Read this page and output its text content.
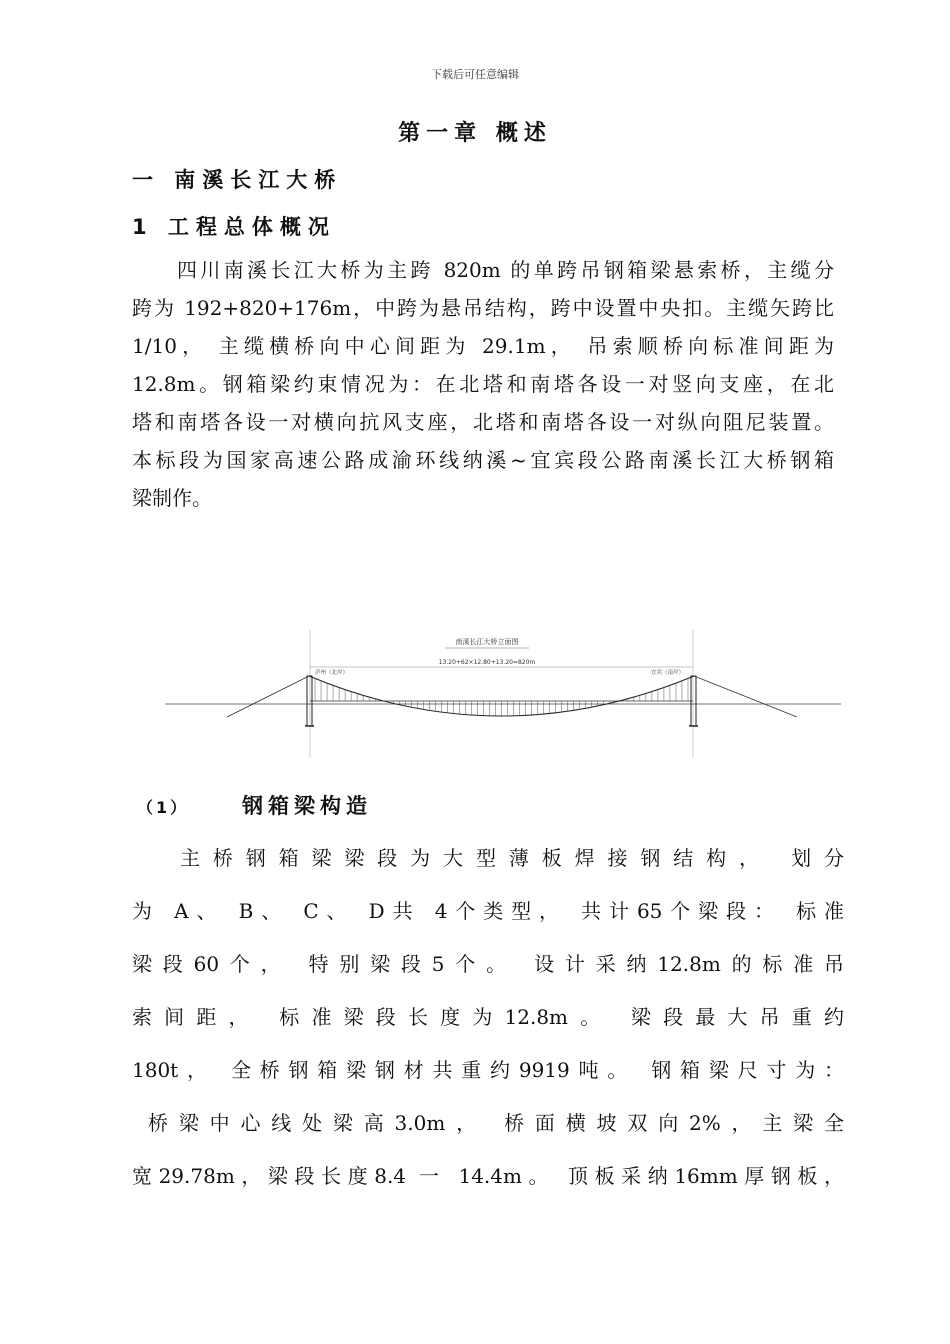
下载后可任意编辑
第一章 概述
一 南溪长江大桥
1 工程总体概况
四川南溪长江大桥为主跨 820m 的单跨吊钢箱梁悬索桥，主缆分
跨为 192+820+176m，中跨为悬吊结构，跨中设置中央扣。主缆矢跨比
1/10， 主缆横桥向中心间距为 29.1m， 吊索顺桥向标准间距为
12.8m。钢箱梁约束情况为：在北塔和南塔各设一对竖向支座，在北
塔和南塔各设一对横向抗风支座，北塔和南塔各设一对纵向阻尼装置。
本标段为国家高速公路成渝环线纳溪~宜宾段公路南溪长江大桥钢箱
梁制作。
南溪长江大桥立面图
13.20+62×12.80+13.20=820m
泸州（北岸）	宜宾（南岸）
（1）	钢箱梁构造
主桥钢箱梁梁段为大型薄板焊接钢结构， 划分
为 A、 B、 C、 D共 4个类型， 共计65个梁段： 标准
梁段60个， 特别梁段5个。 设计采纳12.8m的标准吊
索间距， 标准梁段长度为12.8m。 梁段最大吊重约
180t， 全桥钢箱梁钢材共重约9919吨。 钢箱梁尺寸为：
桥梁中心线处梁高3.0m， 桥面横坡双向2%，主梁全
宽29.78m，梁段长度8.4 一 14.4m。 顶板采纳16mm厚钢板，
